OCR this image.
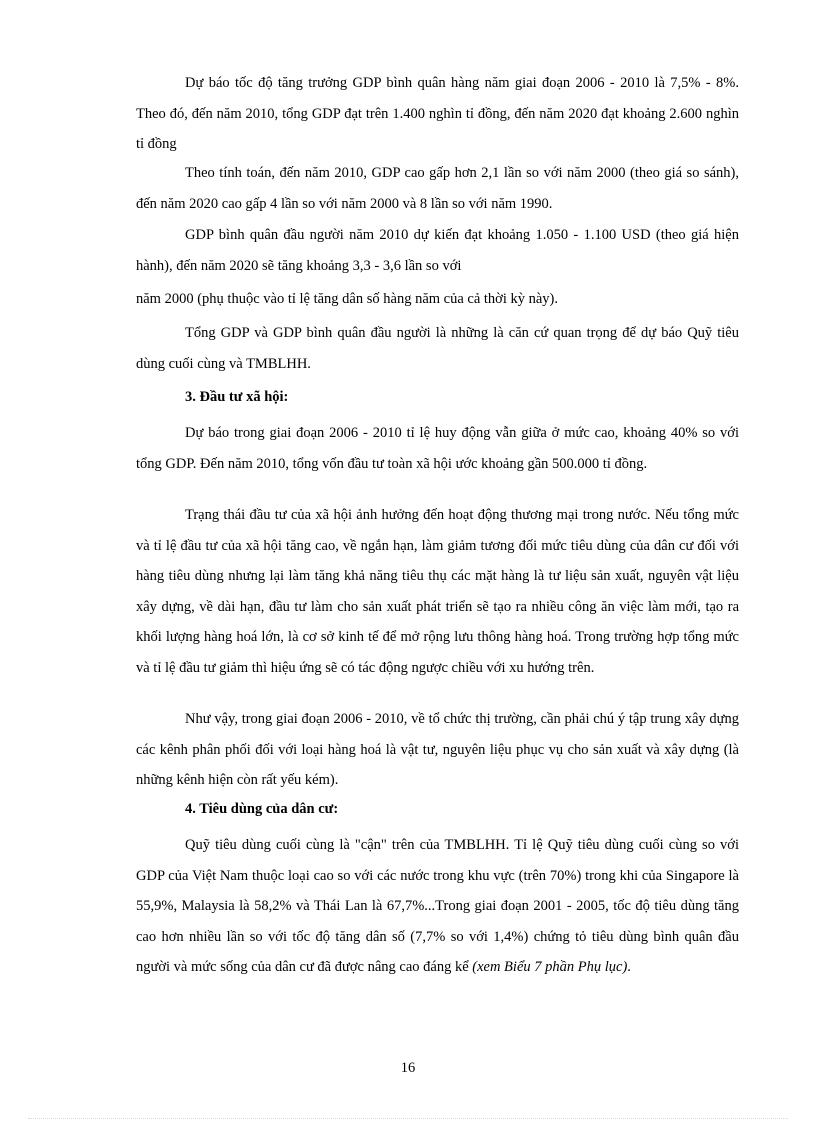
Dự báo tốc độ tăng trưởng GDP bình quân hàng năm giai đoạn 2006 - 2010 là 7,5% - 8%. Theo đó, đến năm 2010, tổng GDP đạt trên 1.400 nghìn tỉ đồng, đến năm 2020 đạt khoảng 2.600 nghìn tỉ đồng

Theo tính toán, đến năm 2010, GDP cao gấp hơn 2,1 lần so với năm 2000 (theo giá so sánh), đến năm 2020 cao gấp 4 lần so với năm 2000 và 8 lần so với năm 1990.

GDP bình quân đầu người năm 2010 dự kiến đạt khoảng 1.050 - 1.100 USD (theo giá hiện hành), đến năm 2020 sẽ tăng khoảng 3,3 - 3,6 lần so với

năm 2000 (phụ thuộc vào tỉ lệ tăng dân số hàng năm của cả thời kỳ này).

Tổng GDP và GDP bình quân đầu người là những là căn cứ quan trọng để dự báo Quỹ tiêu dùng cuối cùng và TMBLHH.

3. Đầu tư xã hội:

Dự báo trong giai đoạn 2006 - 2010 tỉ lệ huy động vẫn giữa ở mức cao, khoảng 40% so với tổng GDP. Đến năm 2010, tổng vốn đầu tư toàn xã hội ước khoảng gần 500.000 tỉ đồng.

Trạng thái đầu tư của xã hội ảnh hưởng đến hoạt động thương mại trong nước. Nếu tổng mức và tỉ lệ đầu tư của xã hội tăng cao, về ngắn hạn, làm giảm tương đối mức tiêu dùng của dân cư đối với hàng tiêu dùng nhưng lại làm tăng khả năng tiêu thụ các mặt hàng là tư liệu sản xuất, nguyên vật liệu xây dựng, về dài hạn, đầu tư làm cho sản xuất phát triển sẽ tạo ra nhiều công ăn việc làm mới, tạo ra khối lượng hàng hoá lớn, là cơ sở kinh tế để mở rộng lưu thông hàng hoá. Trong trường hợp tổng mức và tỉ lệ đầu tư giảm thì hiệu ứng sẽ có tác động ngược chiều với xu hướng trên.

Như vậy, trong giai đoạn 2006 - 2010, về tổ chức thị trường, cần phải chú ý tập trung xây dựng các kênh phân phối đối với loại hàng hoá là vật tư, nguyên liệu phục vụ cho sản xuất và xây dựng (là những kênh hiện còn rất yếu kém).

4. Tiêu dùng của dân cư:

Quỹ tiêu dùng cuối cùng là "cận" trên của TMBLHH. Tỉ lệ Quỹ tiêu dùng cuối cùng so với GDP của Việt Nam thuộc loại cao so với các nước trong khu vực (trên 70%) trong khi của Singapore là 55,9%, Malaysia là 58,2% và Thái Lan là 67,7%...Trong giai đoạn 2001 - 2005, tốc độ tiêu dùng tăng cao hơn nhiều lần so với tốc độ tăng dân số (7,7% so với 1,4%) chứng tỏ tiêu dùng bình quân đầu người và mức sống của dân cư đã được nâng cao đáng kể (xem Biểu 7 phần Phụ lục).

16
